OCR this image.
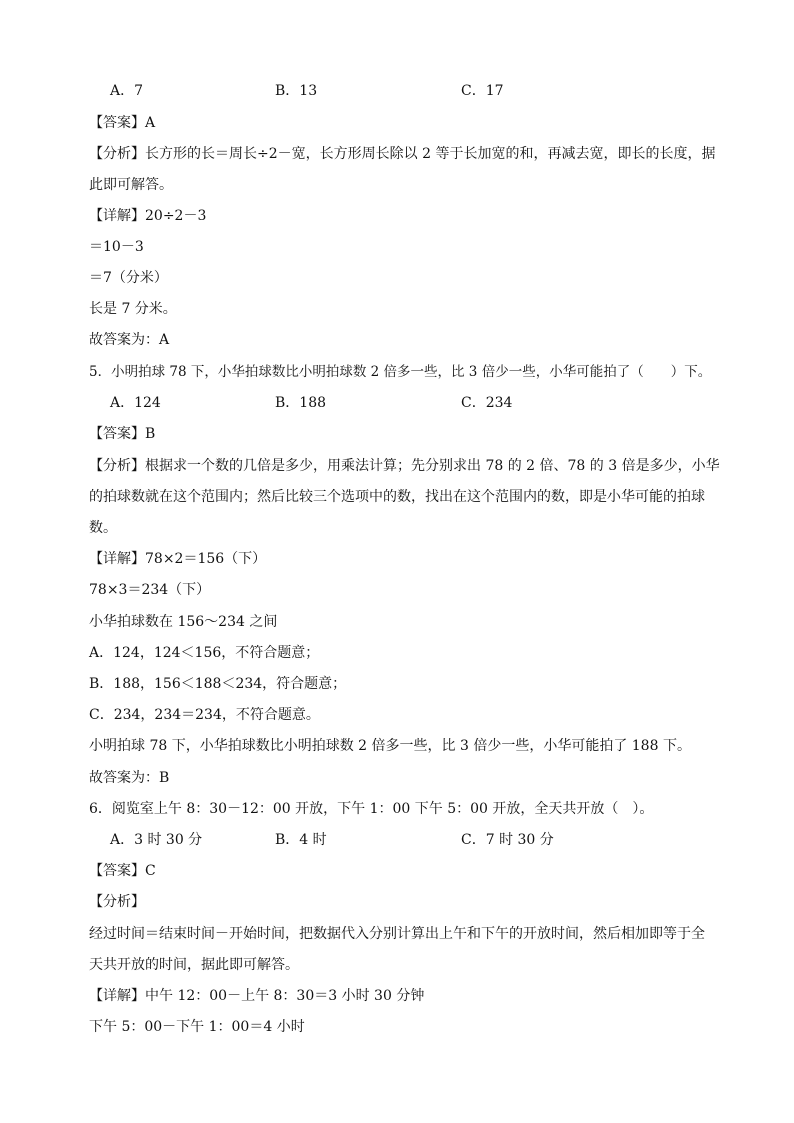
A．7	B．13	C．17
【答案】A
【分析】长方形的长＝周长÷2－宽，长方形周长除以 2 等于长加宽的和，再减去宽，即长的长度，据
此即可解答。
【详解】20÷2－3
＝10－3
＝7（分米）
长是 7 分米。
故答案为：A
5．小明拍球 78 下，小华拍球数比小明拍球数 2 倍多一些，比 3 倍少一些，小华可能拍了（　　）下。
A．124	B．188	C．234
【答案】B
【分析】根据求一个数的几倍是多少，用乘法计算；先分别求出 78 的 2 倍、78 的 3 倍是多少，小华
的拍球数就在这个范围内；然后比较三个选项中的数，找出在这个范围内的数，即是小华可能的拍球
数。
【详解】78×2＝156（下）
78×3＝234（下）
小华拍球数在 156～234 之间
A．124，124＜156，不符合题意；
B．188，156＜188＜234，符合题意；
C．234，234＝234，不符合题意。
小明拍球 78 下，小华拍球数比小明拍球数 2 倍多一些，比 3 倍少一些，小华可能拍了 188 下。
故答案为：B
6．阅览室上午 8：30－12：00 开放，下午 1：00 下午 5：00 开放，全天共开放（　）。
A．3 时 30 分	B．4 时	C．7 时 30 分
【答案】C
【分析】
经过时间＝结束时间－开始时间，把数据代入分别计算出上午和下午的开放时间，然后相加即等于全
天共开放的时间，据此即可解答。
【详解】中午 12：00－上午 8：30＝3 小时 30 分钟
下午 5：00－下午 1：00＝4 小时
